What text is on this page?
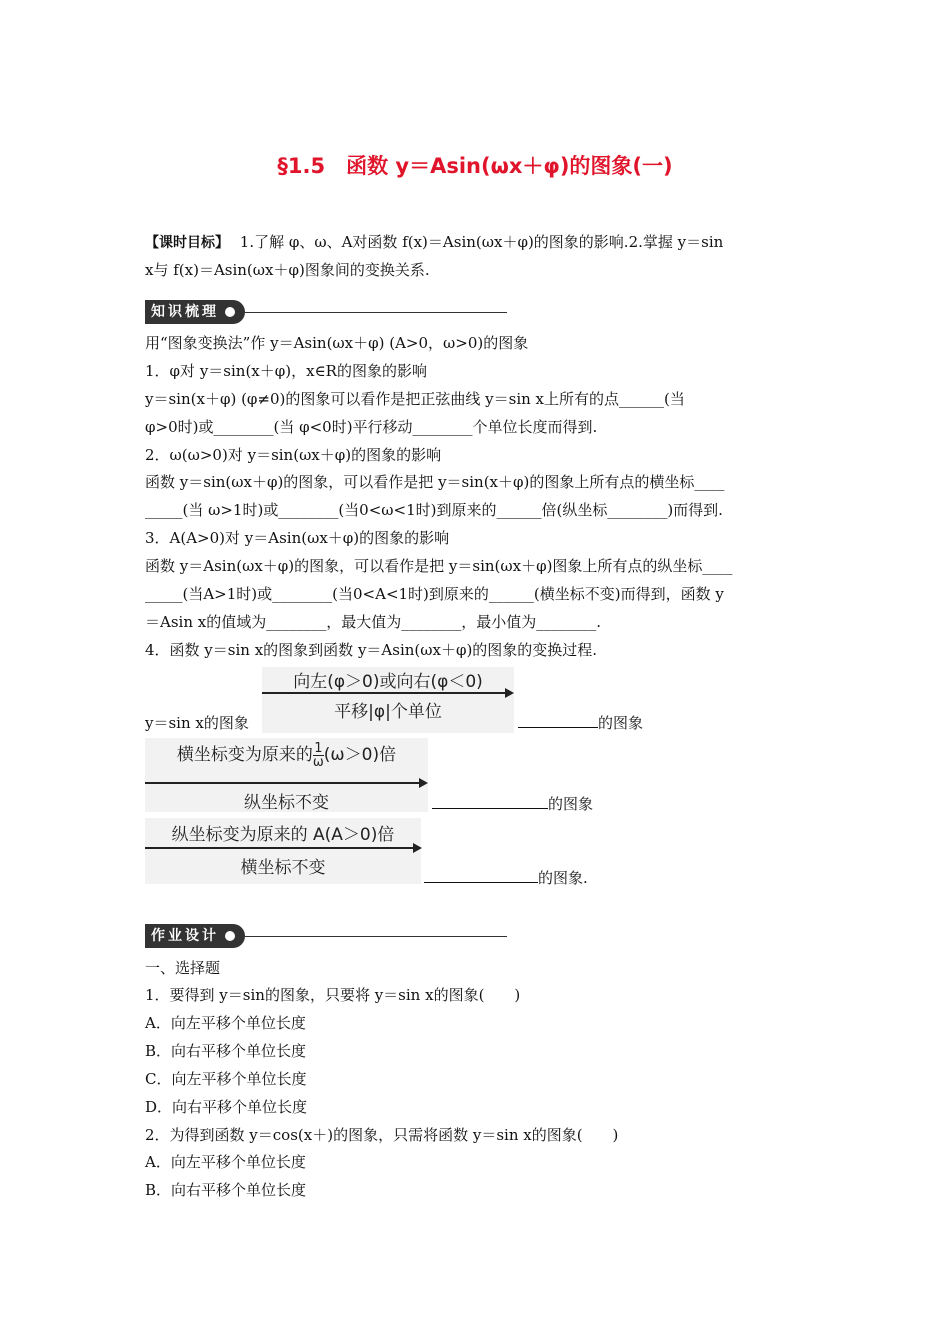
§1.5　函数 y＝Asin(ωx＋φ)的图象(一)
【课时目标】 1.了解 φ、ω、A对函数 f(x)＝Asin(ωx＋φ)的图象的影响.2.掌握 y＝sin
x与 f(x)＝Asin(ωx＋φ)图象间的变换关系.
知识梳理
用“图象变换法”作 y＝Asin(ωx＋φ) (A>0，ω>0)的图象
1．φ对 y＝sin(x＋φ)，x∈R的图象的影响
y＝sin(x＋φ) (φ≠0)的图象可以看作是把正弦曲线 y＝sin x上所有的点______(当
φ>0时)或________(当 φ<0时)平行移动________个单位长度而得到.
2．ω(ω>0)对 y＝sin(ωx＋φ)的图象的影响
函数 y＝sin(ωx＋φ)的图象，可以看作是把 y＝sin(x＋φ)的图象上所有点的横坐标____
_____(当 ω>1时)或________(当0<ω<1时)到原来的______倍(纵坐标________)而得到.
3．A(A>0)对 y＝Asin(ωx＋φ)的图象的影响
函数 y＝Asin(ωx＋φ)的图象，可以看作是把 y＝sin(ωx＋φ)图象上所有点的纵坐标____
_____(当A>1时)或________(当0<A<1时)到原来的______(横坐标不变)而得到，函数 y
＝Asin x的值域为________，最大值为________，最小值为________.
4．函数 y＝sin x的图象到函数 y＝Asin(ωx＋φ)的图象的变换过程.
y＝sin x的图象
向左(φ＞0)或向右(φ＜0)
平移|φ|个单位
的图象
横坐标变为原来的 $\frac{1}{\omega} (\omega>0)$倍
纵坐标不变	的图象
纵坐标变为原来的 A(A＞0)倍
横坐标不变	的图象.
作业设计
一、选择题
1．要得到 y＝sin的图象，只要将 y＝sin x的图象(　　)
A．向左平移个单位长度
B．向右平移个单位长度
C．向左平移个单位长度
D．向右平移个单位长度
2．为得到函数 y＝cos(x＋)的图象，只需将函数 y＝sin x的图象(　　)
A．向左平移个单位长度
B．向右平移个单位长度
